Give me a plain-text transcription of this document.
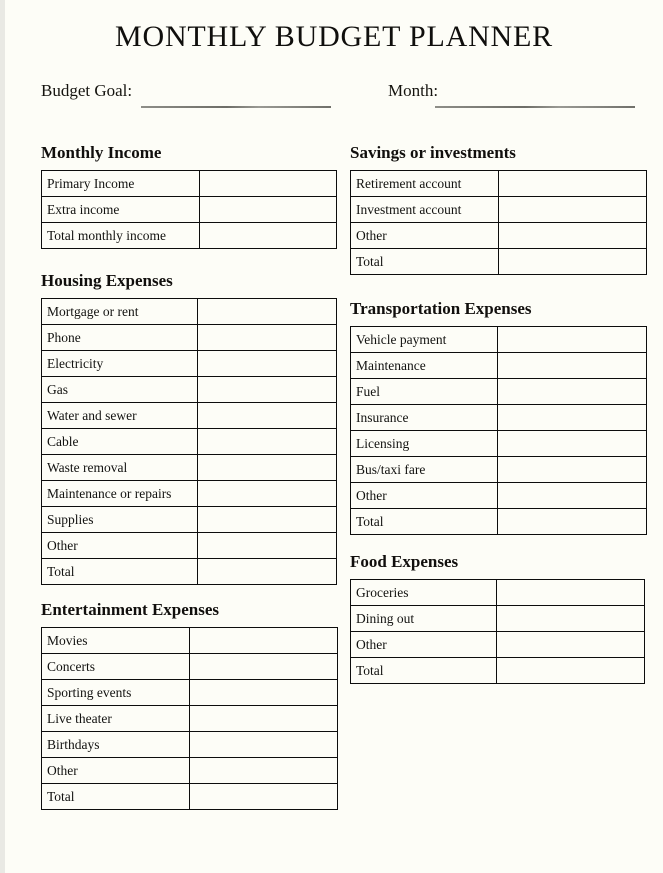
MONTHLY BUDGET PLANNER
Budget Goal:	Month:
Monthly Income
Primary Income	
Extra income	
Total monthly income	
Housing Expenses
Mortgage or rent	
Phone	
Electricity	
Gas	
Water and sewer	
Cable	
Waste removal	
Maintenance or repairs	
Supplies	
Other	
Total	
Entertainment Expenses
Movies	
Concerts	
Sporting events	
Live theater	
Birthdays	
Other	
Total	
Savings or investments
Retirement account	
Investment account	
Other	
Total	
Transportation Expenses
Vehicle payment	
Maintenance	
Fuel	
Insurance	
Licensing	
Bus/taxi fare	
Other	
Total	
Food Expenses
Groceries	
Dining out	
Other	
Total	
